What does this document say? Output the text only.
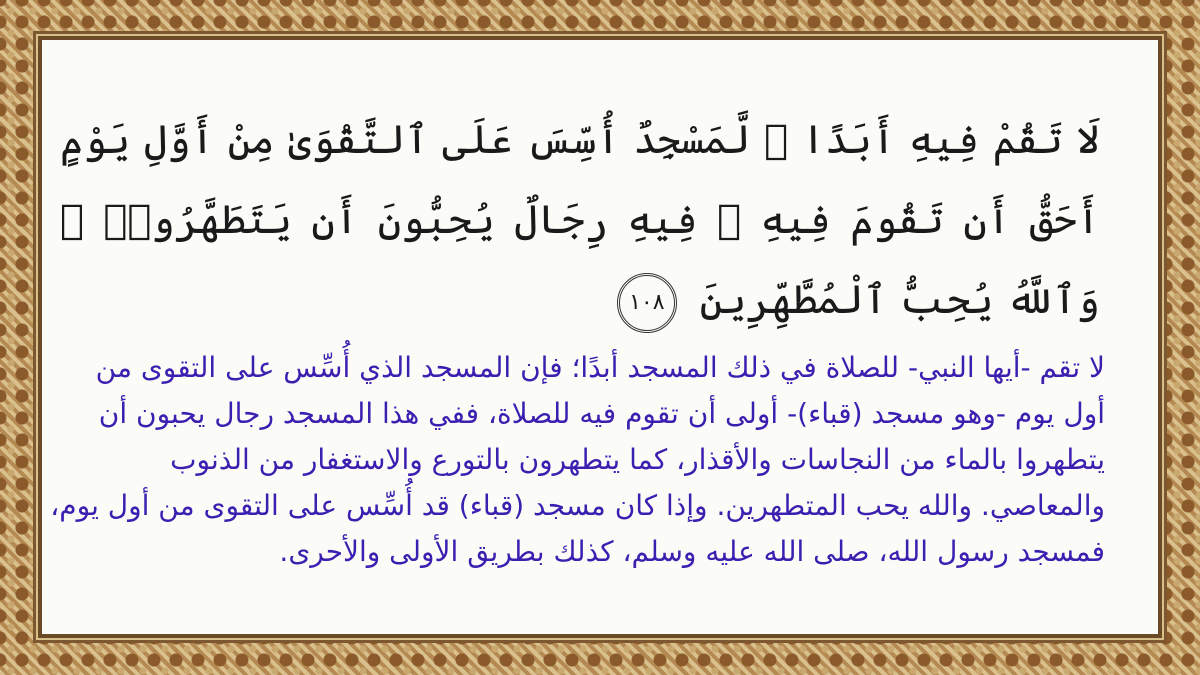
لَا تَقُمْ فِيهِ أَبَدًا ۚ لَّمَسْجِدٌ أُسِّسَ عَلَى ٱلتَّقْوَىٰ مِنْ أَوَّلِ يَوْمٍ أَحَقُّ أَن تَقُومَ فِيهِ ۚ فِيهِ رِجَالٌ يُحِبُّونَ أَن يَتَطَهَّرُوا۟ ۚ وَٱللَّهُ يُحِبُّ ٱلْمُطَّهِّرِينَ ١٠٨
لا تقم -أيها النبي- للصلاة في ذلك المسجد أبدًا؛ فإن المسجد الذي أُسِّس على التقوى من أول يوم -وهو مسجد (قباء)- أولى أن تقوم فيه للصلاة، ففي هذا المسجد رجال يحبون أن يتطهروا بالماء من النجاسات والأقذار، كما يتطهرون بالتورع والاستغفار من الذنوب والمعاصي. والله يحب المتطهرين. وإذا كان مسجد (قباء) قد أُسِّس على التقوى من أول يوم، فمسجد رسول الله، صلى الله عليه وسلم، كذلك بطريق الأولى والأحرى.
